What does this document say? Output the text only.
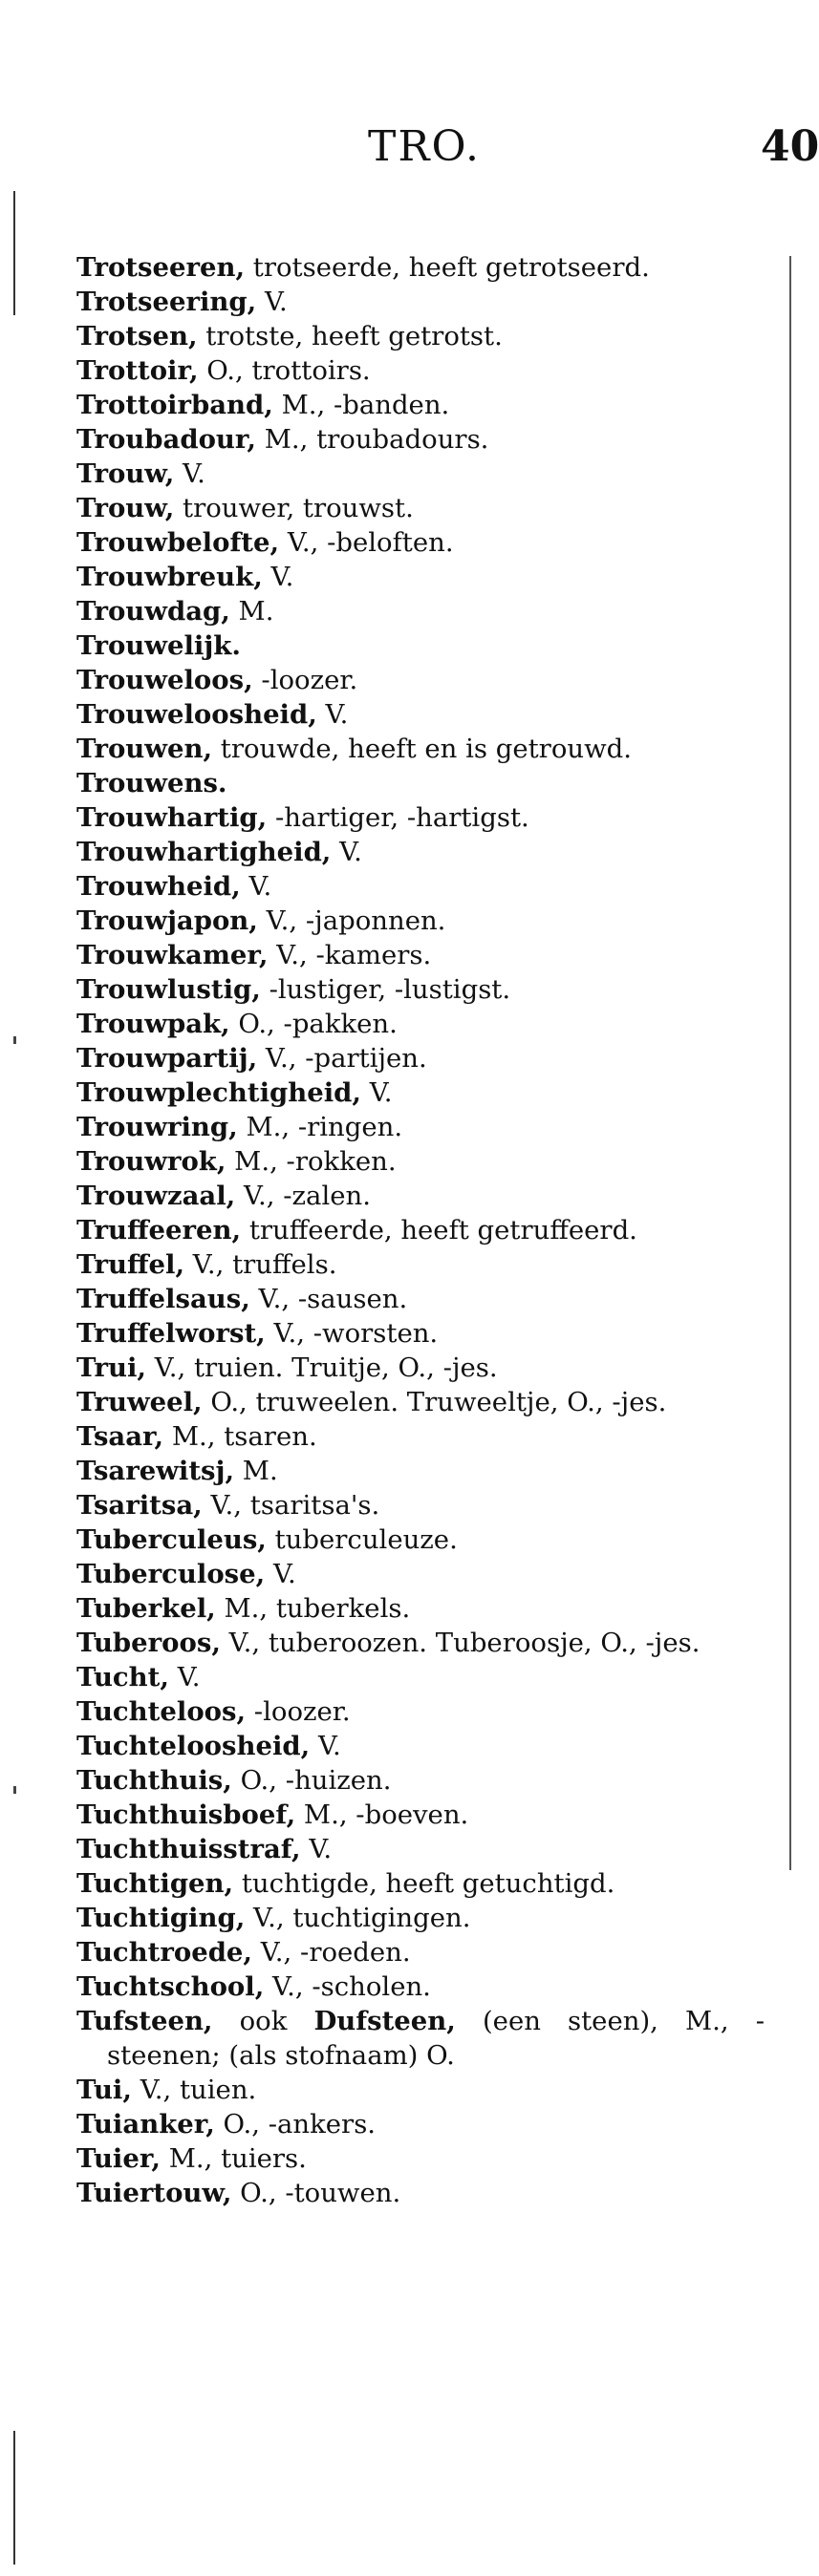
TRO.	40
Trotseeren, trotseerde, heeft getrotseerd.
Trotseering, V.
Trotsen, trotste, heeft getrotst.
Trottoir, O., trottoirs.
Trottoirband, M., -banden.
Troubadour, M., troubadours.
Trouw, V.
Trouw, trouwer, trouwst.
Trouwbelofte, V., -beloften.
Trouwbreuk, V.
Trouwdag, M.
Trouwelijk.
Trouweloos, -loozer.
Trouweloosheid, V.
Trouwen, trouwde, heeft en is getrouwd.
Trouwens.
Trouwhartig, -hartiger, -hartigst.
Trouwhartigheid, V.
Trouwheid, V.
Trouwjapon, V., -japonnen.
Trouwkamer, V., -kamers.
Trouwlustig, -lustiger, -lustigst.
Trouwpak, O., -pakken.
Trouwpartij, V., -partijen.
Trouwplechtigheid, V.
Trouwring, M., -ringen.
Trouwrok, M., -rokken.
Trouwzaal, V., -zalen.
Truffeeren, truffeerde, heeft getruffeerd.
Truffel, V., truffels.
Truffelsaus, V., -sausen.
Truffelworst, V., -worsten.
Trui, V., truien. Truitje, O., -jes.
Truweel, O., truweelen. Truweeltje, O., -jes.
Tsaar, M., tsaren.
Tsarewitsj, M.
Tsaritsa, V., tsaritsa's.
Tuberculeus, tuberculeuze.
Tuberculose, V.
Tuberkel, M., tuberkels.
Tuberoos, V., tuberoozen. Tuberoosje, O., -jes.
Tucht, V.
Tuchteloos, -loozer.
Tuchteloosheid, V.
Tuchthuis, O., -huizen.
Tuchthuisboef, M., -boeven.
Tuchthuisstraf, V.
Tuchtigen, tuchtigde, heeft getuchtigd.
Tuchtiging, V., tuchtigingen.
Tuchtroede, V., -roeden.
Tuchtschool, V., -scholen.
Tufsteen, ook Dufsteen, (een steen), M., -steenen; (als stofnaam) O.
Tui, V., tuien.
Tuianker, O., -ankers.
Tuier, M., tuiers.
Tuiertouw, O., -touwen.
